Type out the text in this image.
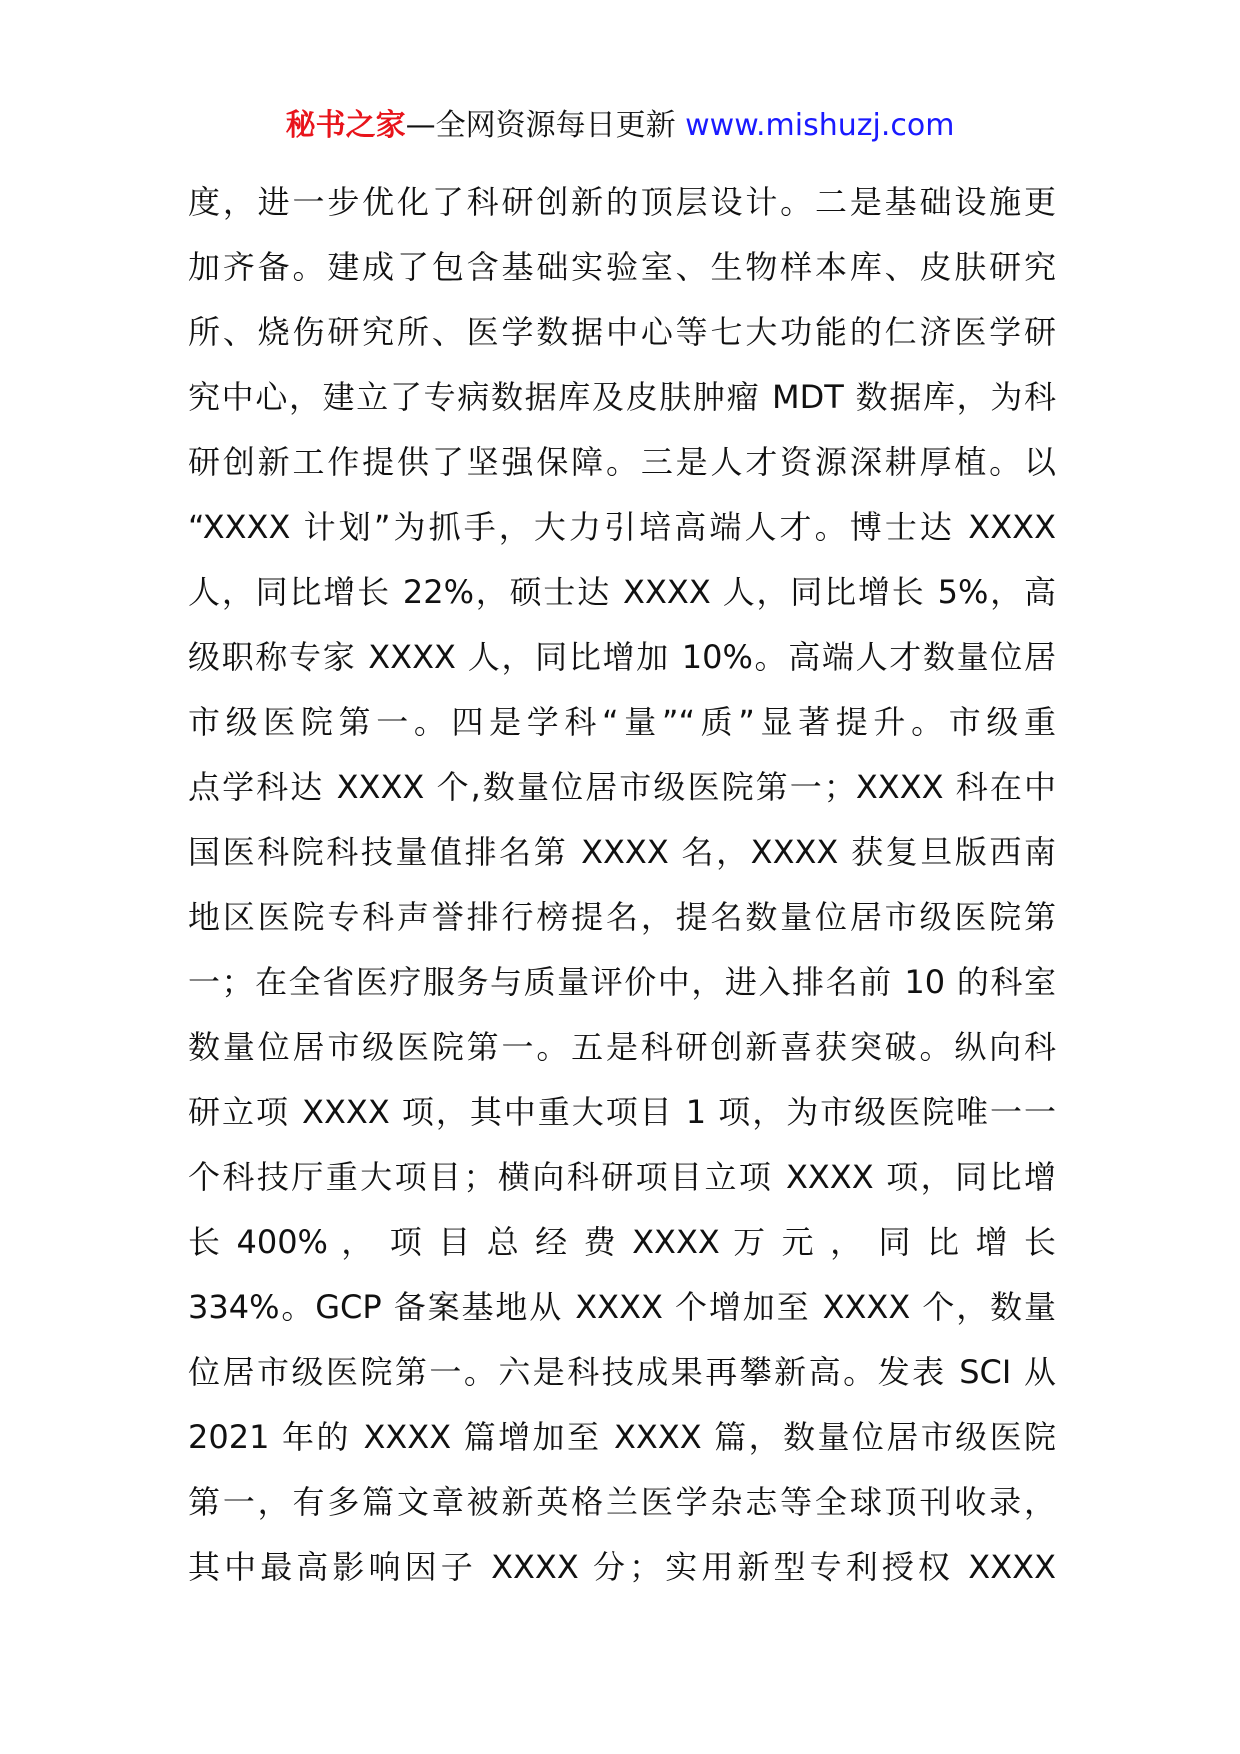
秘书之家—全网资源每日更新 www.mishuzj.com
度，进一步优化了科研创新的顶层设计。二是基础设施更
加齐备。建成了包含基础实验室、生物样本库、皮肤研究
所、烧伤研究所、医学数据中心等七大功能的仁济医学研
究中心，建立了专病数据库及皮肤肿瘤 MDT 数据库，为科
研创新工作提供了坚强保障。三是人才资源深耕厚植。以
“XXXX 计划”为抓手，大力引培高端人才。博士达 XXXX
人，同比增长 22%，硕士达 XXXX 人，同比增长 5%，高
级职称专家 XXXX 人，同比增加 10%。高端人才数量位居
市级医院第一。四是学科“量”“质”显著提升。市级重
点学科达 XXXX 个,数量位居市级医院第一；XXXX 科在中
国医科院科技量值排名第 XXXX 名，XXXX 获复旦版西南
地区医院专科声誉排行榜提名，提名数量位居市级医院第
一；在全省医疗服务与质量评价中，进入排名前 10 的科室
数量位居市级医院第一。五是科研创新喜获突破。纵向科
研立项 XXXX 项，其中重大项目 1 项，为市级医院唯一一
个科技厅重大项目；横向科研项目立项 XXXX 项，同比增
长 400% ， 项 目 总 经 费 XXXX 万 元 ， 同 比 增 长
334%。GCP 备案基地从 XXXX 个增加至 XXXX 个，数量
位居市级医院第一。六是科技成果再攀新高。发表 SCI 从
2021 年的 XXXX 篇增加至 XXXX 篇，数量位居市级医院
第一，有多篇文章被新英格兰医学杂志等全球顶刊收录，
其中最高影响因子 XXXX 分；实用新型专利授权 XXXX
